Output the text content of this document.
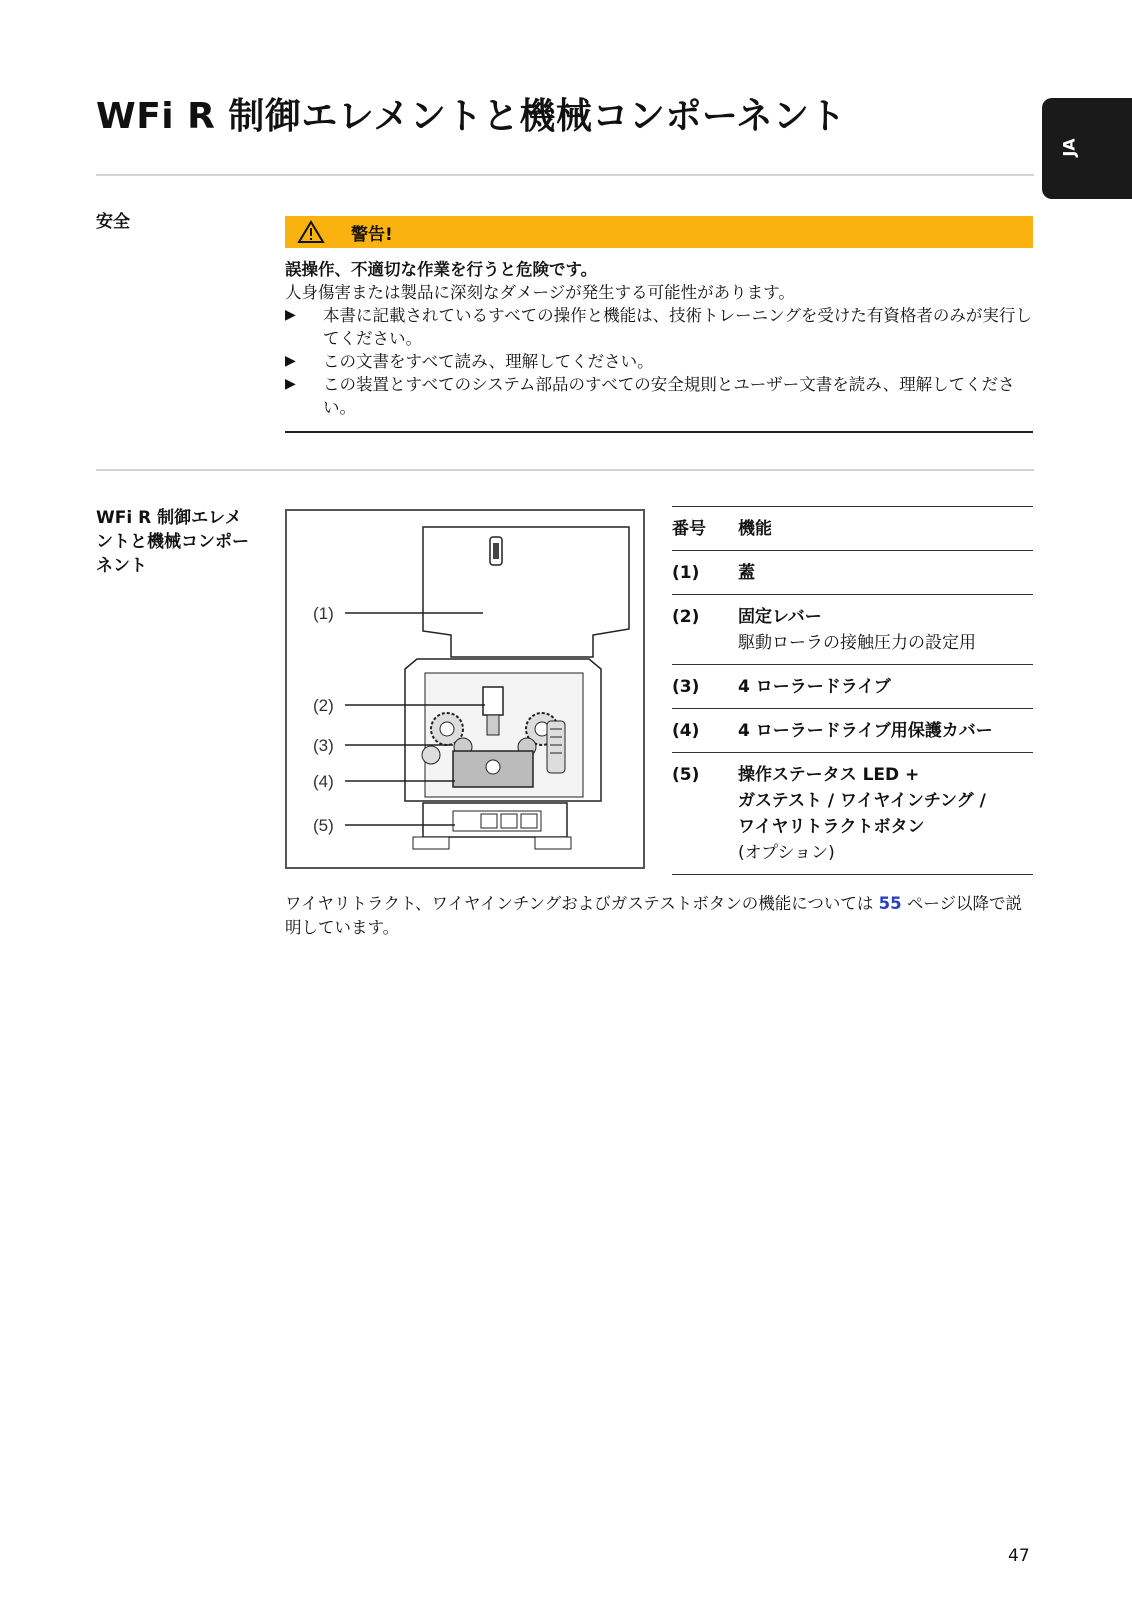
WFi R 制御エレメントと機械コンポーネント
JA
安全
警告!
誤操作、不適切な作業を行うと危険です。
人身傷害または製品に深刻なダメージが発生する可能性があります。
▶	本書に記載されているすべての操作と機能は、技術トレーニングを受けた有資格者のみが実行してください。
▶	この文書をすべて読み、理解してください。
▶	この装置とすべてのシステム部品のすべての安全規則とユーザー文書を読み、理解してください。
WFi R 制御エレメントと機械コンポーネント
(1)
(2)
(3)
(4)
(5)
番号	機能
(1)	蓋
(2)	固定レバー
駆動ローラの接触圧力の設定用
(3)	4 ローラードライブ
(4)	4 ローラードライブ用保護カバー
(5)	操作ステータス LED +
ガステスト / ワイヤインチング /
ワイヤリトラクトボタン
(オプション)
ワイヤリトラクト、ワイヤインチングおよびガステストボタンの機能については 55 ページ以降で説明しています。
47
